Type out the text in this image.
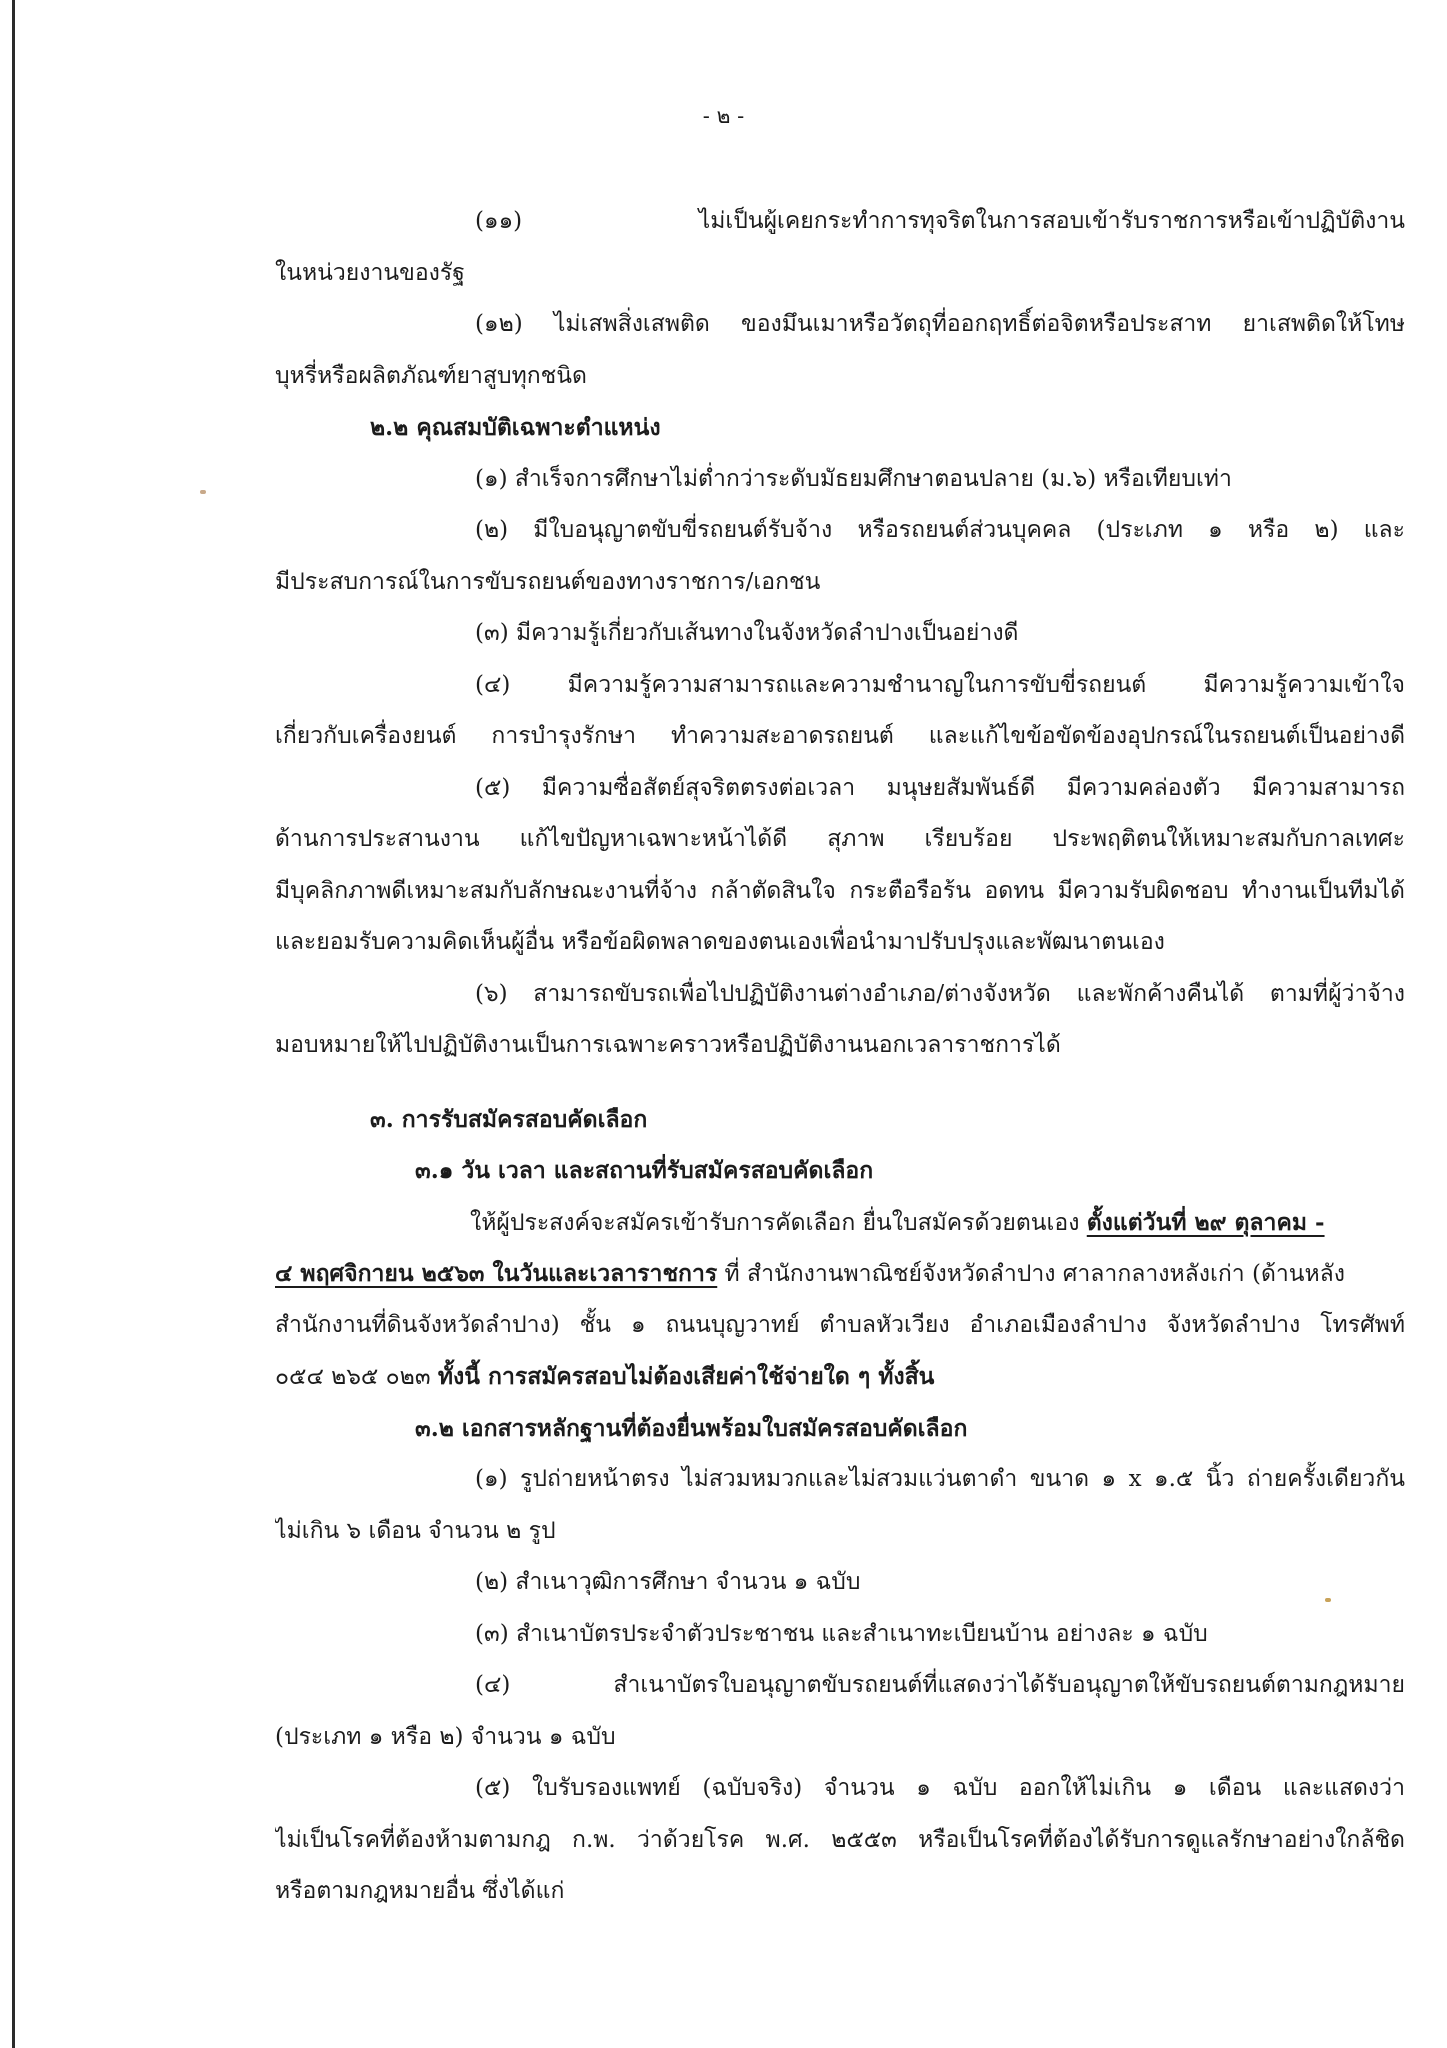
- ๒ -
(๑๑) ไม่เป็นผู้เคยกระทำการทุจริตในการสอบเข้ารับราชการหรือเข้าปฏิบัติงาน
ในหน่วยงานของรัฐ
(๑๒) ไม่เสพสิ่งเสพติด ของมึนเมาหรือวัตถุที่ออกฤทธิ์ต่อจิตหรือประสาท ยาเสพติดให้โทษ
บุหรี่หรือผลิตภัณฑ์ยาสูบทุกชนิด
๒.๒ คุณสมบัติเฉพาะตำแหน่ง
(๑) สำเร็จการศึกษาไม่ต่ำกว่าระดับมัธยมศึกษาตอนปลาย (ม.๖) หรือเทียบเท่า
(๒) มีใบอนุญาตขับขี่รถยนต์รับจ้าง หรือรถยนต์ส่วนบุคคล (ประเภท ๑ หรือ ๒) และ
มีประสบการณ์ในการขับรถยนต์ของทางราชการ/เอกชน
(๓) มีความรู้เกี่ยวกับเส้นทางในจังหวัดลำปางเป็นอย่างดี
(๔) มีความรู้ความสามารถและความชำนาญในการขับขี่รถยนต์ มีความรู้ความเข้าใจ
เกี่ยวกับเครื่องยนต์ การบำรุงรักษา ทำความสะอาดรถยนต์ และแก้ไขข้อขัดข้องอุปกรณ์ในรถยนต์เป็นอย่างดี
(๕) มีความซื่อสัตย์สุจริตตรงต่อเวลา มนุษยสัมพันธ์ดี มีความคล่องตัว มีความสามารถ
ด้านการประสานงาน แก้ไขปัญหาเฉพาะหน้าได้ดี สุภาพ เรียบร้อย ประพฤติตนให้เหมาะสมกับกาลเทศะ
มีบุคลิกภาพดีเหมาะสมกับลักษณะงานที่จ้าง กล้าตัดสินใจ กระตือรือร้น อดทน มีความรับผิดชอบ ทำงานเป็นทีมได้
และยอมรับความคิดเห็นผู้อื่น หรือข้อผิดพลาดของตนเองเพื่อนำมาปรับปรุงและพัฒนาตนเอง
(๖) สามารถขับรถเพื่อไปปฏิบัติงานต่างอำเภอ/ต่างจังหวัด และพักค้างคืนได้ ตามที่ผู้ว่าจ้าง
มอบหมายให้ไปปฏิบัติงานเป็นการเฉพาะคราวหรือปฏิบัติงานนอกเวลาราชการได้
๓. การรับสมัครสอบคัดเลือก
๓.๑ วัน เวลา และสถานที่รับสมัครสอบคัดเลือก
ให้ผู้ประสงค์จะสมัครเข้ารับการคัดเลือก ยื่นใบสมัครด้วยตนเอง ตั้งแต่วันที่ ๒๙ ตุลาคม -
๔ พฤศจิกายน ๒๕๖๓ ในวันและเวลาราชการ ที่ สำนักงานพาณิชย์จังหวัดลำปาง ศาลากลางหลังเก่า (ด้านหลัง
สำนักงานที่ดินจังหวัดลำปาง) ชั้น ๑ ถนนบุญวาทย์ ตำบลหัวเวียง อำเภอเมืองลำปาง จังหวัดลำปาง โทรศัพท์
๐๕๔ ๒๖๕ ๐๒๓ ทั้งนี้ การสมัครสอบไม่ต้องเสียค่าใช้จ่ายใด ๆ ทั้งสิ้น
๓.๒ เอกสารหลักฐานที่ต้องยื่นพร้อมใบสมัครสอบคัดเลือก
(๑) รูปถ่ายหน้าตรง ไม่สวมหมวกและไม่สวมแว่นตาดำ ขนาด ๑ x ๑.๕ นิ้ว ถ่ายครั้งเดียวกัน
ไม่เกิน ๖ เดือน จำนวน ๒ รูป
(๒) สำเนาวุฒิการศึกษา จำนวน ๑ ฉบับ
(๓) สำเนาบัตรประจำตัวประชาชน และสำเนาทะเบียนบ้าน อย่างละ ๑ ฉบับ
(๔) สำเนาบัตรใบอนุญาตขับรถยนต์ที่แสดงว่าได้รับอนุญาตให้ขับรถยนต์ตามกฎหมาย
(ประเภท ๑ หรือ ๒) จำนวน ๑ ฉบับ
(๕) ใบรับรองแพทย์ (ฉบับจริง) จำนวน ๑ ฉบับ ออกให้ไม่เกิน ๑ เดือน และแสดงว่า
ไม่เป็นโรคที่ต้องห้ามตามกฎ ก.พ. ว่าด้วยโรค พ.ศ. ๒๕๕๓ หรือเป็นโรคที่ต้องได้รับการดูแลรักษาอย่างใกล้ชิด
หรือตามกฎหมายอื่น ซึ่งได้แก่
